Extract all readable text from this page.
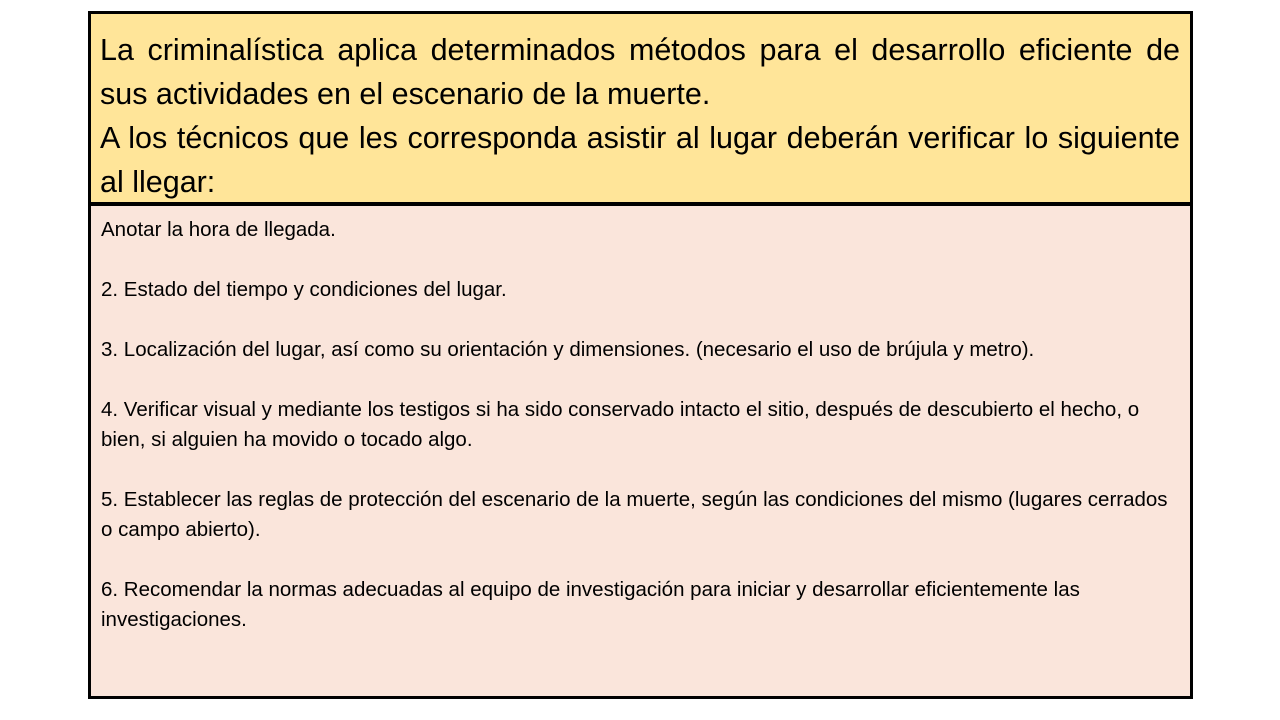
La criminalística aplica determinados métodos para el desarrollo eficiente de sus actividades en el escenario de la muerte.

A los técnicos que les corresponda asistir al lugar deberán verificar lo siguiente al llegar:

Anotar la hora de llegada.

2. Estado del tiempo y condiciones del lugar.

3. Localización del lugar, así como su orientación y dimensiones. (necesario el uso de brújula y metro).

4. Verificar visual y mediante los testigos si ha sido conservado intacto el sitio, después de descubierto el hecho, o bien, si alguien ha movido o tocado algo.

5. Establecer las reglas de protección del escenario de la muerte, según las condiciones del mismo (lugares cerrados o campo abierto).

6. Recomendar la normas adecuadas al equipo de investigación para iniciar y desarrollar eficientemente las investigaciones.
